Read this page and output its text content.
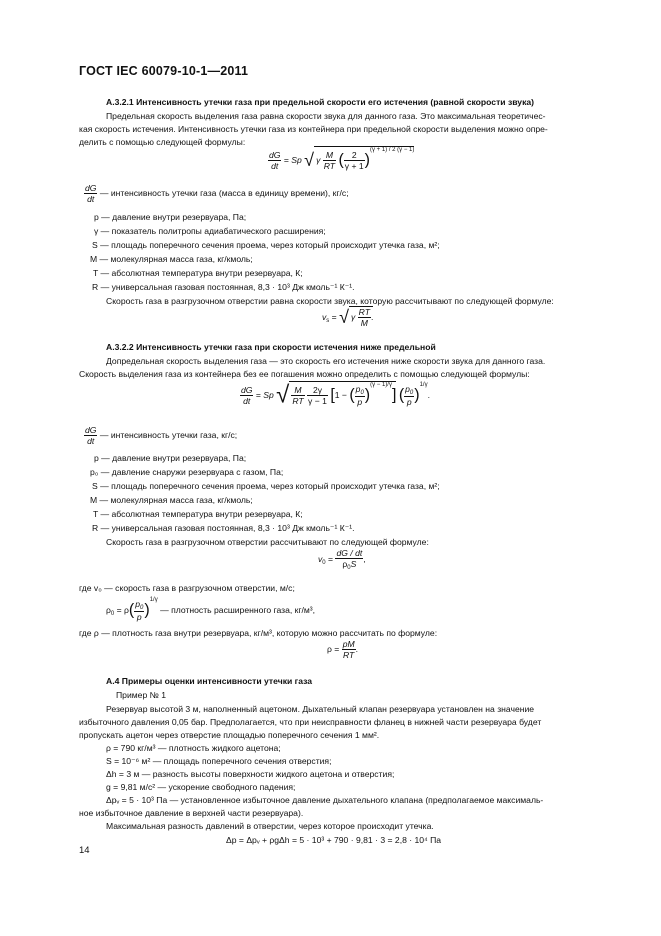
ГОСТ IEC 60079-10-1—2011
А.3.2.1 Интенсивность утечки газа при предельной скорости его истечения (равной скорости звука)
Предельная скорость выделения газа равна скорости звука для данного газа. Это максимальная теоретичес-
кая скорость истечения. Интенсивность утечки газа из контейнера при предельной скорости выделения можно опре-
делить с помощью следующей формулы:
$\frac{dG}{dt} = Sp$ √ γ $\frac{M}{RT}$ ( $\frac{2}{\gamma + 1} )^{(\gamma + 1) / 2 (\gamma - 1)}$
$\frac{dG}{dt}$ — интенсивность утечки газа (масса в единицу времени), кг/с;
p — давление внутри резервуара, Па;
γ — показатель политропы адиабатического расширения;
S — площадь поперечного сечения проема, через который происходит утечка газа, м²;
M — молекулярная масса газа, кг/кмоль;
T — абсолютная температура внутри резервуара, К;
R — универсальная газовая постоянная, 8,3 · 10³ Дж кмоль⁻¹ К⁻¹.
Скорость газа в разгрузочном отверстии равна скорости звука, которую рассчитывают по следующей формуле:
$v_s$ = √ γ $\frac{RT}{M}$ .
А.3.2.2 Интенсивность утечки газа при скорости истечения ниже предельной
Допредельная скорость выделения газа — это скорость его истечения ниже скорости звука для данного газа.
Скорость выделения газа из контейнера без ее погашения можно определить с помощью следующей формулы:
$\frac{dG}{dt} = Sp$ √ $\frac{M}{RT}$
$\frac{2\gamma}{\gamma - 1} [1$ − ( $\frac{p_0}{p} )^{(\gamma - 1)/\gamma}$] ( $\frac{p_0}{p} )^{1/\gamma}$.
$\frac{dG}{dt}$ — интенсивность утечки газа, кг/с;
p — давление внутри резервуара, Па;
p₀ — давление снаружи резервуара с газом, Па;
S — площадь поперечного сечения проема, через который происходит утечка газа, м²;
M — молекулярная масса газа, кг/кмоль;
T — абсолютная температура внутри резервуара, К;
R — универсальная газовая постоянная, 8,3 · 10³ Дж кмоль⁻¹ К⁻¹.
Скорость газа в разгрузочном отверстии рассчитывают по следующей формуле:
$v_0 = \frac{dG / dt}{\rho_0S}$ ,
где v₀ — скорость газа в разгрузочном отверстии, м/с;
$\rho_0 = \rho( \frac{p_0}{p} )^{1/\gamma}$ — плотность расширенного газа, кг/м³,
где ρ — плотность газа внутри резервуара, кг/м³, которую можно рассчитать по формуле:
$\rho = \frac{pM}{RT}$ .
А.4 Примеры оценки интенсивности утечки газа
Пример № 1
Резервуар высотой 3 м, наполненный ацетоном. Дыхательный клапан резервуара установлен на значение
избыточного давления 0,05 бар. Предполагается, что при неисправности фланец в нижней части резервуара будет
пропускать ацетон через отверстие площадью поперечного сечения 1 мм².
ρ = 790 кг/м³ — плотность жидкого ацетона;
S = 10⁻⁶ м² — площадь поперечного сечения отверстия;
Δh = 3 м — разность высоты поверхности жидкого ацетона и отверстия;
g = 9,81 м/с² — ускорение свободного падения;
Δpᵥ = 5 · 10³ Па — установленное избыточное давление дыхательного клапана (предполагаемое максималь-
ное избыточное давление в верхней части резервуара).
Максимальная разность давлений в отверстии, через которое происходит утечка.
Δp = Δpᵥ + ρgΔh = 5 · 10³ + 790 · 9,81 · 3 = 2,8 · 10⁴ Па
14
